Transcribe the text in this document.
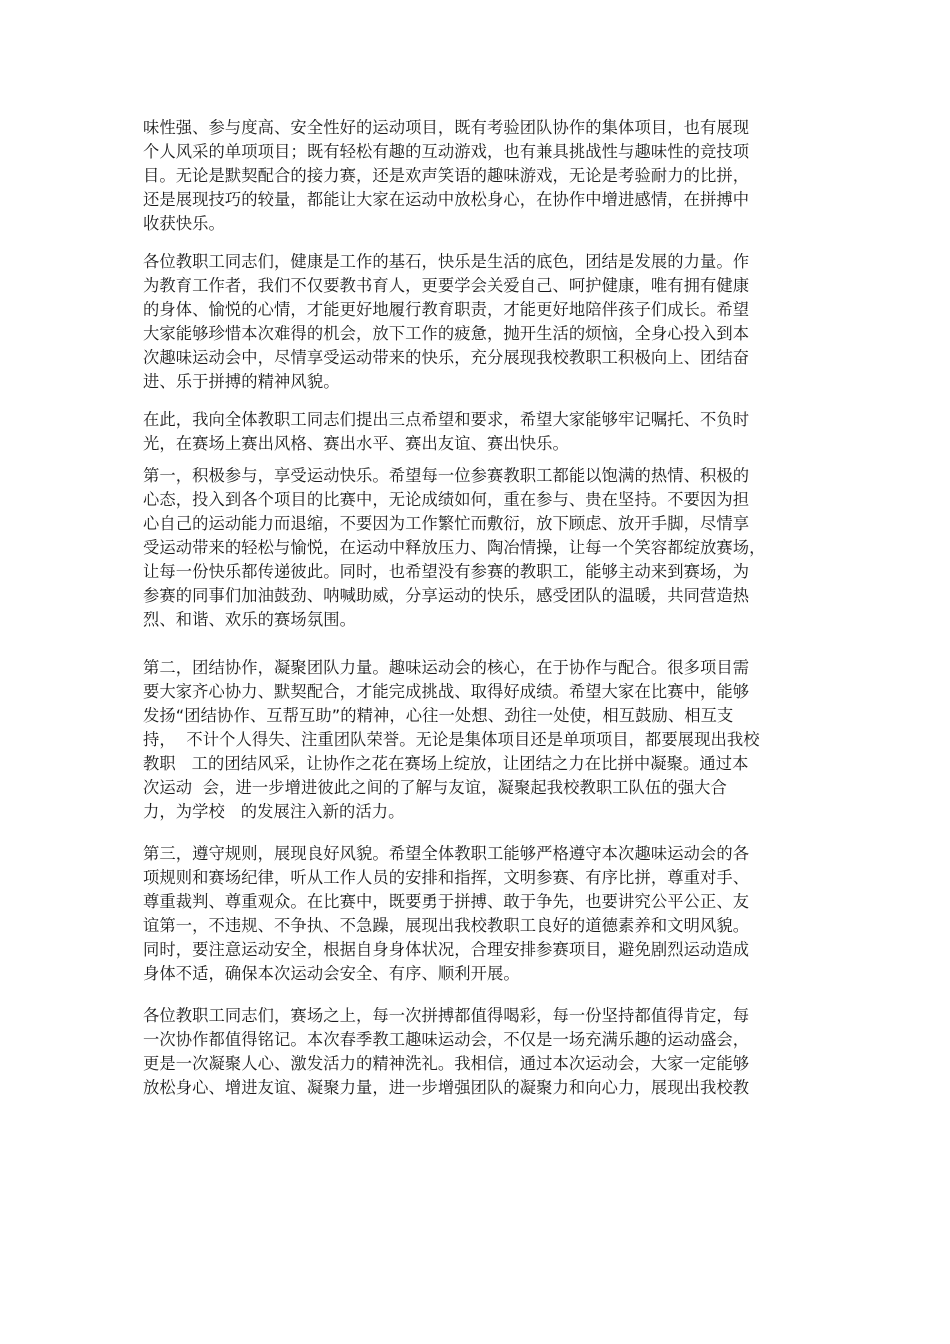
味性强、参与度高、安全性好的运动项目，既有考验团队协作的集体项目，也有展现
个人风采的单项项目；既有轻松有趣的互动游戏，也有兼具挑战性与趣味性的竞技项
目。无论是默契配合的接力赛，还是欢声笑语的趣味游戏，无论是考验耐力的比拼，
还是展现技巧的较量，都能让大家在运动中放松身心，在协作中增进感情，在拼搏中
收获快乐。
各位教职工同志们，健康是工作的基石，快乐是生活的底色，团结是发展的力量。作
为教育工作者，我们不仅要教书育人，更要学会关爱自己、呵护健康，唯有拥有健康
的身体、愉悦的心情，才能更好地履行教育职责，才能更好地陪伴孩子们成长。希望
大家能够珍惜本次难得的机会，放下工作的疲惫，抛开生活的烦恼，全身心投入到本
次趣味运动会中，尽情享受运动带来的快乐，充分展现我校教职工积极向上、团结奋
进、乐于拼搏的精神风貌。
在此，我向全体教职工同志们提出三点希望和要求，希望大家能够牢记嘱托、不负时
光，在赛场上赛出风格、赛出水平、赛出友谊、赛出快乐。
第一，积极参与，享受运动快乐。希望每一位参赛教职工都能以饱满的热情、积极的
心态，投入到各个项目的比赛中，无论成绩如何，重在参与、贵在坚持。不要因为担
心自己的运动能力而退缩，不要因为工作繁忙而敷衍，放下顾虑、放开手脚，尽情享
受运动带来的轻松与愉悦，在运动中释放压力、陶冶情操，让每一个笑容都绽放赛场，
让每一份快乐都传递彼此。同时，也希望没有参赛的教职工，能够主动来到赛场，为
参赛的同事们加油鼓劲、呐喊助威，分享运动的快乐，感受团队的温暖，共同营造热
烈、和谐、欢乐的赛场氛围。
第二，团结协作，凝聚团队力量。趣味运动会的核心，在于协作与配合。很多项目需
要大家齐心协力、默契配合，才能完成挑战、取得好成绩。希望大家在比赛中，能够
发扬“团结协作、互帮互助”的精神，心往一处想、劲往一处使，相互鼓励、相互支
持，  不计个人得失、注重团队荣誉。无论是集体项目还是单项项目，都要展现出我校
教职   工的团结风采，让协作之花在赛场上绽放，让团结之力在比拼中凝聚。通过本
次运动  会，进一步增进彼此之间的了解与友谊，凝聚起我校教职工队伍的强大合
力，为学校   的发展注入新的活力。
第三，遵守规则，展现良好风貌。希望全体教职工能够严格遵守本次趣味运动会的各
项规则和赛场纪律，听从工作人员的安排和指挥，文明参赛、有序比拼，尊重对手、
尊重裁判、尊重观众。在比赛中，既要勇于拼搏、敢于争先，也要讲究公平公正、友
谊第一，不违规、不争执、不急躁，展现出我校教职工良好的道德素养和文明风貌。
同时，要注意运动安全，根据自身身体状况，合理安排参赛项目，避免剧烈运动造成
身体不适，确保本次运动会安全、有序、顺利开展。
各位教职工同志们，赛场之上，每一次拼搏都值得喝彩，每一份坚持都值得肯定，每
一次协作都值得铭记。本次春季教工趣味运动会，不仅是一场充满乐趣的运动盛会，
更是一次凝聚人心、激发活力的精神洗礼。我相信，通过本次运动会，大家一定能够
放松身心、增进友谊、凝聚力量，进一步增强团队的凝聚力和向心力，展现出我校教
